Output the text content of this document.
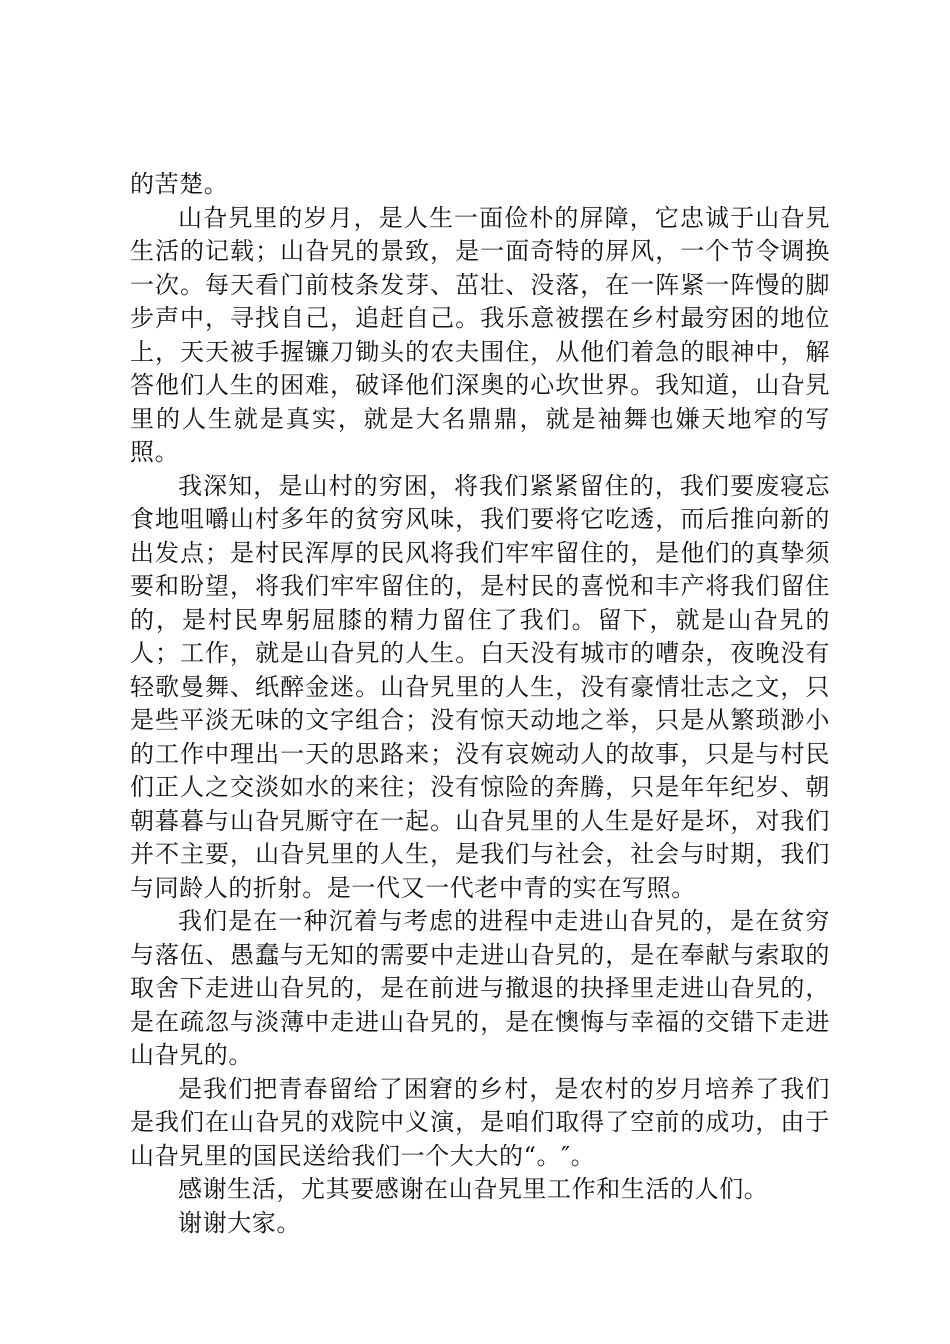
的苦楚。

山旮旯里的岁月，是人生一面俭朴的屏障，它忠诚于山旮旯生活的记载；山旮旯的景致，是一面奇特的屏风，一个节令调换一次。每天看门前枝条发芽、茁壮、没落，在一阵紧一阵慢的脚步声中，寻找自己，追赶自己。我乐意被摆在乡村最穷困的地位上，天天被手握镰刀锄头的农夫围住，从他们着急的眼神中，解答他们人生的困难，破译他们深奥的心坎世界。我知道，山旮旯里的人生就是真实，就是大名鼎鼎，就是袖舞也嫌天地窄的写照。

我深知，是山村的穷困，将我们紧紧留住的，我们要废寝忘食地咀嚼山村多年的贫穷风味，我们要将它吃透，而后推向新的出发点；是村民浑厚的民风将我们牢牢留住的，是他们的真挚须要和盼望，将我们牢牢留住的，是村民的喜悦和丰产将我们留住的，是村民卑躬屈膝的精力留住了我们。留下，就是山旮旯的人；工作，就是山旮旯的人生。白天没有城市的嘈杂，夜晚没有轻歌曼舞、纸醉金迷。山旮旯里的人生，没有豪情壮志之文，只是些平淡无味的文字组合；没有惊天动地之举，只是从繁琐渺小的工作中理出一天的思路来；没有哀婉动人的故事，只是与村民们正人之交淡如水的来往；没有惊险的奔腾，只是年年纪岁、朝朝暮暮与山旮旯厮守在一起。山旮旯里的人生是好是坏，对我们并不主要，山旮旯里的人生，是我们与社会，社会与时期，我们与同龄人的折射。是一代又一代老中青的实在写照。

我们是在一种沉着与考虑的进程中走进山旮旯的，是在贫穷与落伍、愚蠢与无知的需要中走进山旮旯的，是在奉献与索取的取舍下走进山旮旯的，是在前进与撤退的抉择里走进山旮旯的，是在疏忽与淡薄中走进山旮旯的，是在懊悔与幸福的交错下走进山旮旯的。

是我们把青春留给了困窘的乡村，是农村的岁月培养了我们是我们在山旮旯的戏院中义演，是咱们取得了空前的成功，由于山旮旯里的国民送给我们一个大大的“。″。

感谢生活，尤其要感谢在山旮旯里工作和生活的人们。

谢谢大家。
